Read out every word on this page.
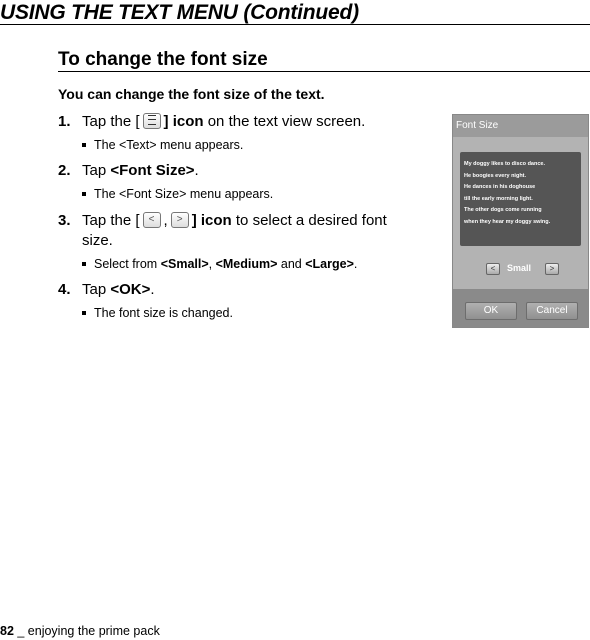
USING THE TEXT MENU (Continued)
To change the font size
You can change the font size of the text.
1. Tap the [ ] icon on the text view screen.
The <Text> menu appears.
2. Tap <Font Size>.
The <Font Size> menu appears.
3. Tap the [ < , > ] icon to select a desired font
size.
Select from <Small>, <Medium> and <Large>.
4. Tap <OK>.
The font size is changed.
Font Size
My doggy likes to disco dance.
He boogies every night.
He dances in his doghouse
till the early morning light.
The other dogs come running
when they hear my doggy swing.
<	Small	>
OK	Cancel
82 _ enjoying the prime pack
